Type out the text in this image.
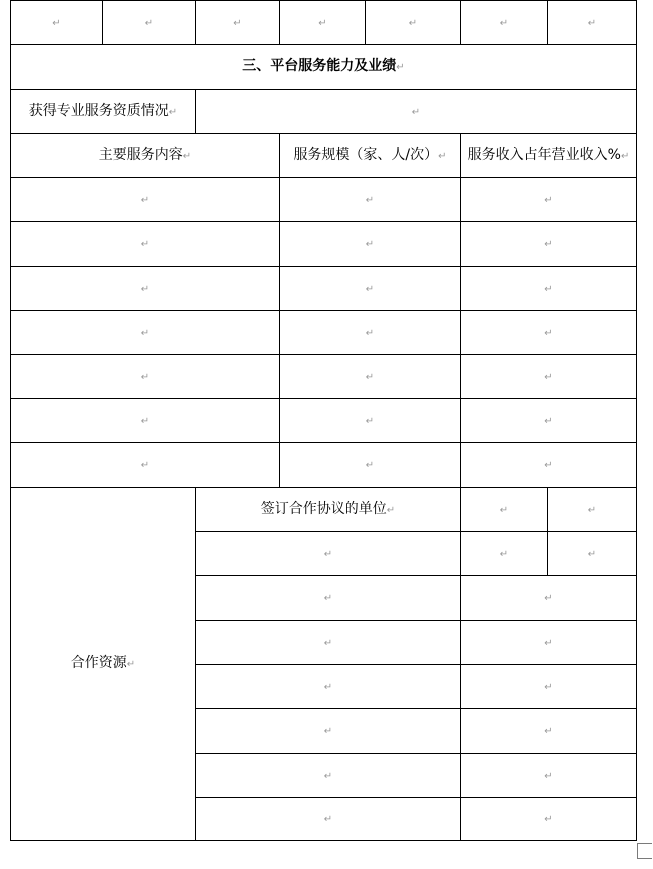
↵	↵	↵	↵	↵	↵	↵
三、平台服务能力及业绩↵						
获得专业服务资质情况↵		↵				
主要服务内容↵			服务规模（家、人/次）↵		服务收入占年营业收入%↵	
↵			↵		↵	
↵			↵		↵	
↵			↵		↵	
↵			↵		↵	
↵			↵		↵	
↵			↵		↵	
↵			↵		↵	
合作资源↵		签订合作协议的单位↵			↵	↵
		↵			↵	↵
		↵			↵	
		↵			↵	
		↵			↵	
		↵			↵	
		↵			↵	
		↵			↵	
